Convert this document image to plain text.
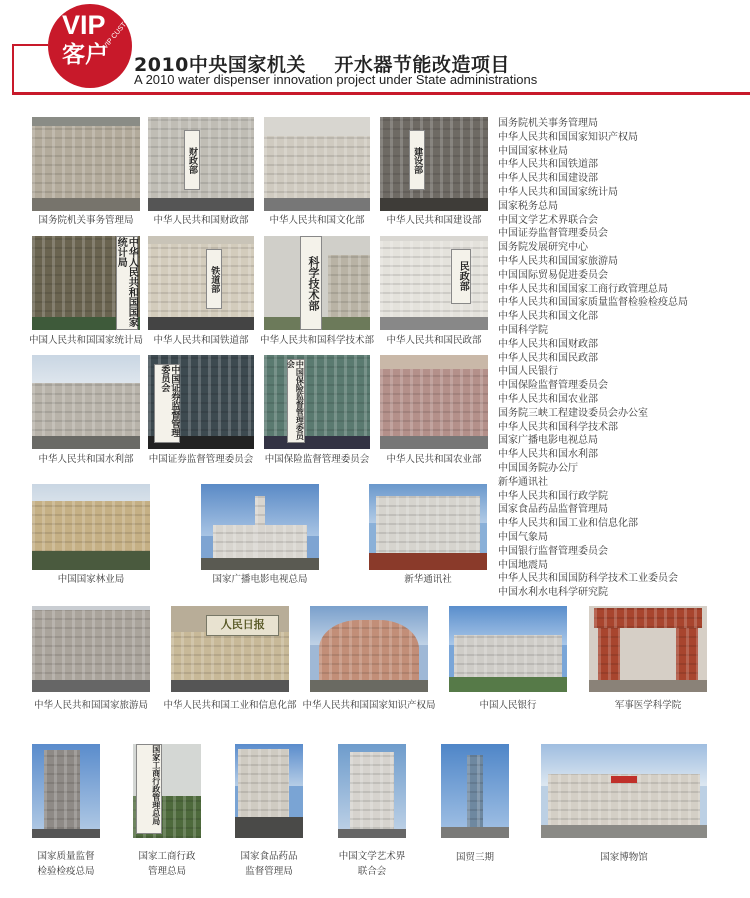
VIP
客户
VIP CUSTOMER
2010中央国家机关    开水器节能改造项目
A 2010 water dispenser innovation project under State administrations
财政部	建设部
国务院机关事务管理局	中华人民共和国财政部	中华人民共和国文化部	中华人民共和国建设部
中华人民共和国国家统计局
铁道部	科学技术部	民政部
中国人民共和国国家统计局	中华人民共和国铁道部	中华人民共和国科学技术部	中华人民共和国民政部
中国证券监督管理委员会	中国保险监督管理委员会
中华人民共和国水利部	中国证券监督管理委员会	中国保险监督管理委员会	中华人民共和国农业部
中国国家林业局	国家广播电影电视总局	新华通讯社
人民日报
中华人民共和国国家旅游局	中华人民共和国工业和信息化部 中华人民共和国国家知识产权局	中国人民银行	军事医学科学院
国家工商行政管理总局
国家质量监督
检验检疫总局
国家工商行政
管理总局
国家食品药品
监督管理局
中国文学艺术界
联合会
国贸三期	国家博物馆
国务院机关事务管理局
中华人民共和国国家知识产权局
中国国家林业局
中华人民共和国铁道部
中华人民共和国建设部
中华人民共和国国家统计局
国家税务总局
中国文学艺术界联合会
中国证券监督管理委员会
国务院发展研究中心
中华人民共和国国家旅游局
中国国际贸易促进委员会
中华人民共和国国家工商行政管理总局
中华人民共和国国家质量监督检验检疫总局
中华人民共和国文化部
中国科学院
中华人民共和国财政部
中华人民共和国民政部
中国人民银行
中国保险监督管理委员会
中华人民共和国农业部
国务院三峡工程建设委员会办公室
中华人民共和国科学技术部
国家广播电影电视总局
中华人民共和国水利部
中国国务院办公厅
新华通讯社
中华人民共和国行政学院
国家食品药品监督管理局
中华人民共和国工业和信息化部
中国气象局
中国银行监督管理委员会
中国地震局
中华人民共和国国防科学技术工业委员会
中国水利水电科学研究院
